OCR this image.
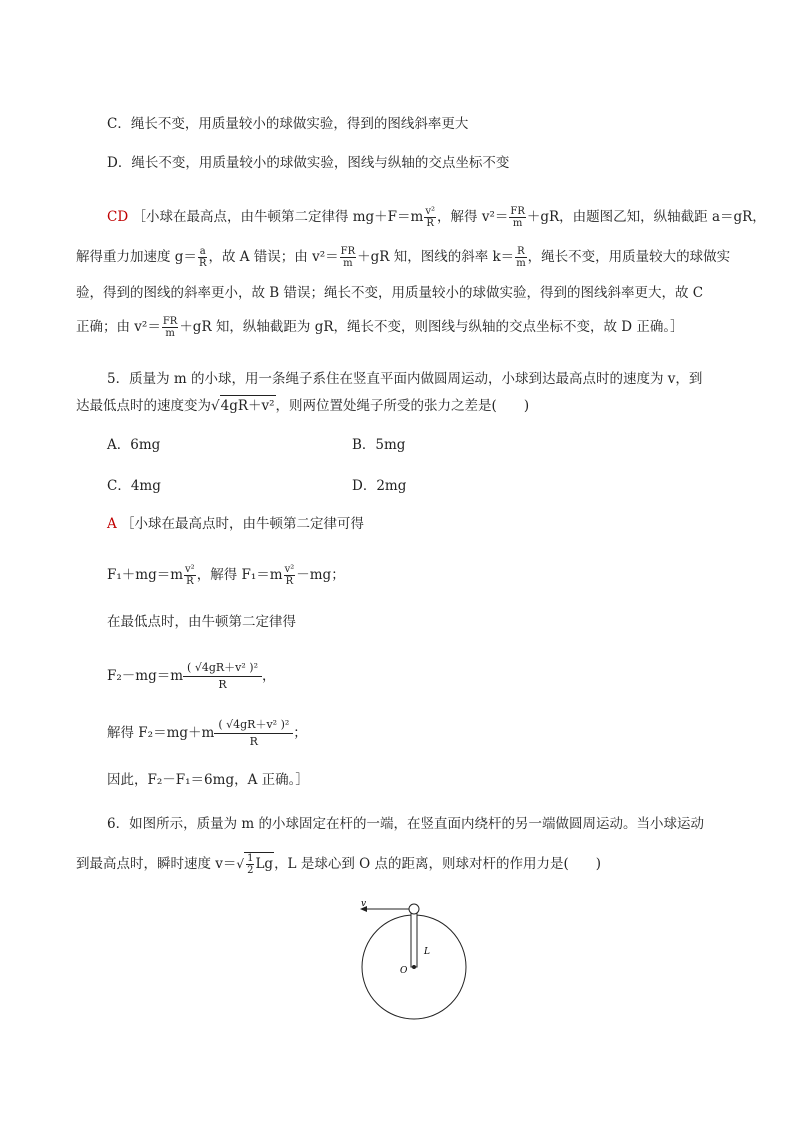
C．绳长不变，用质量较小的球做实验，得到的图线斜率更大
D．绳长不变，用质量较小的球做实验，图线与纵轴的交点坐标不变
CD ［小球在最高点，由牛顿第二定律得 $mg+F=m \frac{\text{v²}}{R}$ ，解得 $v^2= \frac{FR}{m} +gR$，由题图乙知，纵轴截距 a＝gR，
解得重力加速度 $g= \frac{a}{R}$ ，故 A 错误；由 $v^2= \frac{FR}{m} +gR$ 知，图线的斜率 $k= \frac{R}{m}$ ，绳长不变，用质量较大的球做实
验，得到的图线的斜率更小，故 B 错误；绳长不变，用质量较小的球做实验，得到的图线斜率更大，故 C
正确；由 $v^2= \frac{FR}{m} +gR$ 知，纵轴截距为 gR，绳长不变，则图线与纵轴的交点坐标不变，故 D 正确。］
5．质量为 m 的小球，用一条绳子系住在竖直平面内做圆周运动，小球到达最高点时的速度为 v，到
达最低点时的速度变为√4gR＋v²，则两位置处绳子所受的张力之差是(　　)
A．6mg	B．5mg
C．4mg	D．2mg
A ［小球在最高点时，由牛顿第二定律可得
$F_1+mg=m \frac{\text{v²}}{R}$ ，解得 $F_1=m \frac{\text{v²}}{R} -mg$；
在最低点时，由牛顿第二定律得
$F_2-mg=m \frac{\text{( √4gR＋v² )²}}{R}$ ，
解得 $F_2=mg+m \frac{\text{( √4gR＋v² )²}}{R}$ ；
因此，F₂－F₁＝6mg，A 正确。］
6．如图所示，质量为 m 的小球固定在杆的一端，在竖直面内绕杆的另一端做圆周运动。当小球运动
到最高点时，瞬时速度 $v=√ \frac{1}{2}$ Lg，L 是球心到 O 点的距离，则球对杆的作用力是(　　)
v
L
O
